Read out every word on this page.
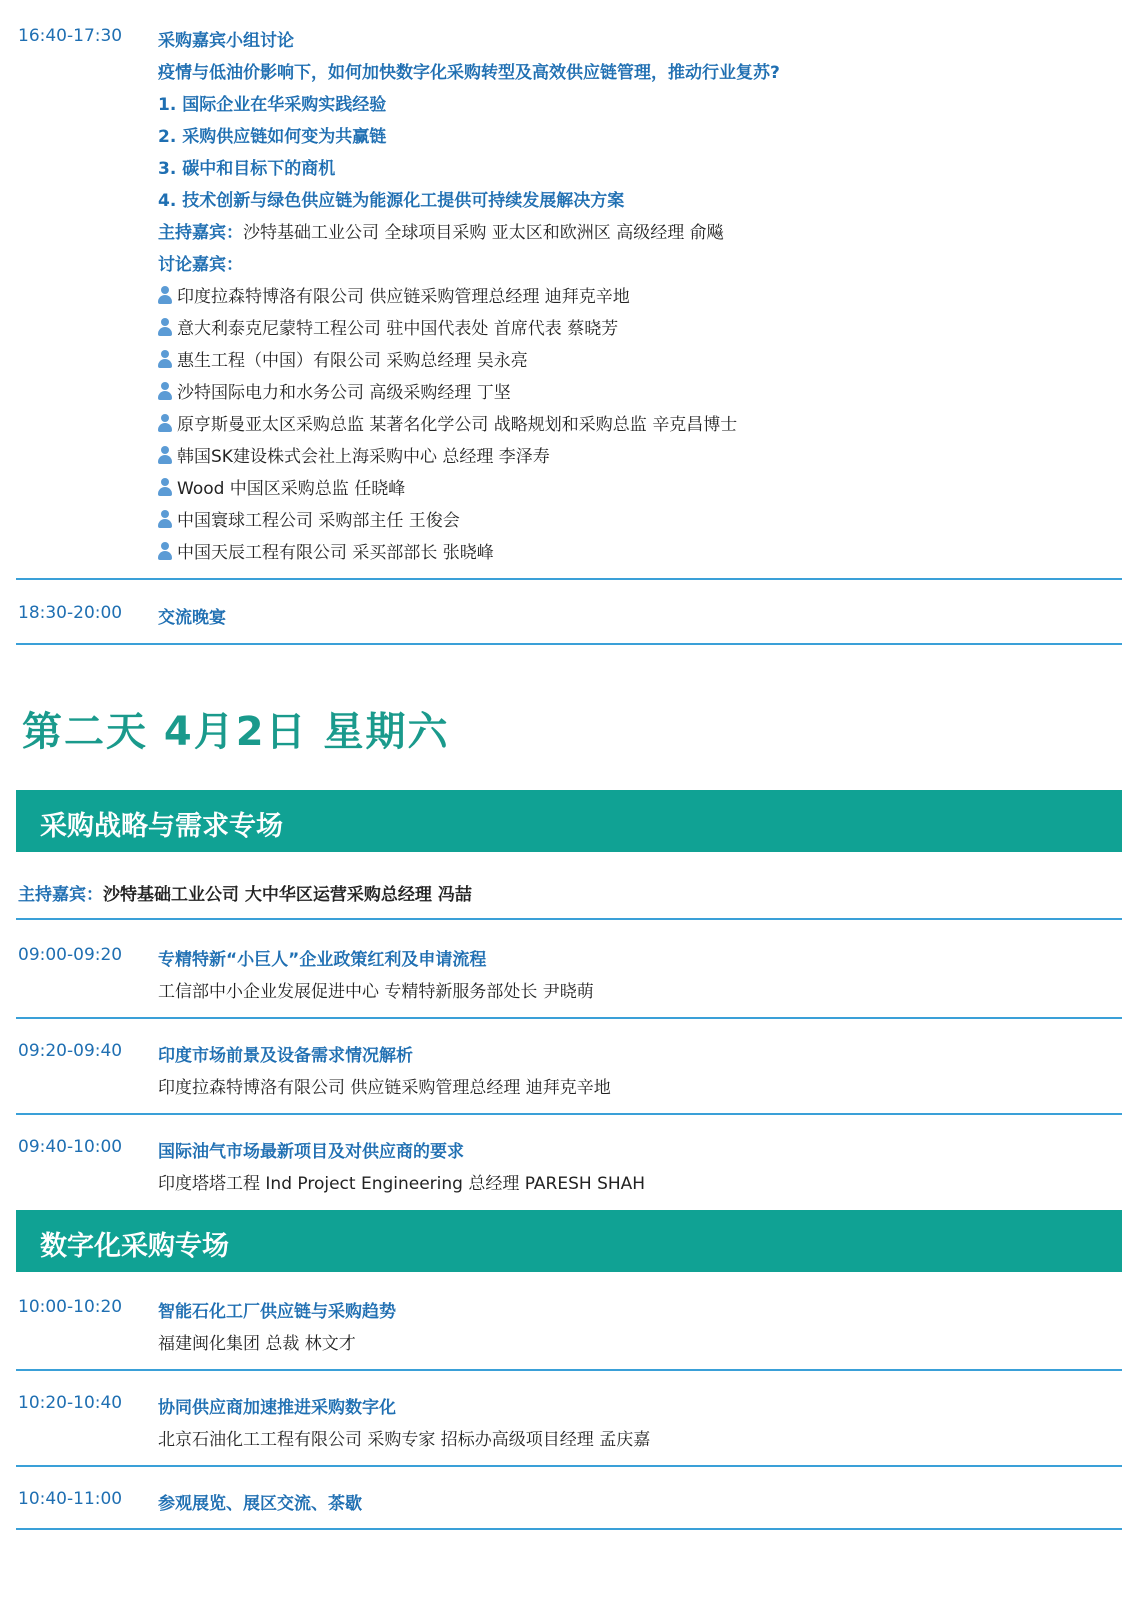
16:40-17:30 采购嘉宾小组讨论
疫情与低油价影响下，如何加快数字化采购转型及高效供应链管理，推动行业复苏?
1. 国际企业在华采购实践经验
2. 采购供应链如何变为共赢链
3. 碳中和目标下的商机
4. 技术创新与绿色供应链为能源化工提供可持续发展解决方案
主持嘉宾：沙特基础工业公司 全球项目采购 亚太区和欧洲区 高级经理 俞飚
讨论嘉宾：
印度拉森特博洛有限公司 供应链采购管理总经理 迪拜克辛地
意大利泰克尼蒙特工程公司 驻中国代表处 首席代表 蔡晓芳
惠生工程（中国）有限公司 采购总经理 吴永亮
沙特国际电力和水务公司 高级采购经理 丁坚
原亨斯曼亚太区采购总监 某著名化学公司 战略规划和采购总监 辛克昌博士
韩国SK建设株式会社上海采购中心 总经理 李泽寿
Wood 中国区采购总监 任晓峰
中国寰球工程公司 采购部主任 王俊会
中国天辰工程有限公司 采买部部长 张晓峰
18:30-20:00 交流晚宴
第二天 4月2日 星期六
采购战略与需求专场
主持嘉宾：沙特基础工业公司 大中华区运营采购总经理 冯喆
09:00-09:20 专精特新“小巨人”企业政策红利及申请流程
工信部中小企业发展促进中心 专精特新服务部处长 尹晓萌
09:20-09:40 印度市场前景及设备需求情况解析
印度拉森特博洛有限公司 供应链采购管理总经理 迪拜克辛地
09:40-10:00 国际油气市场最新项目及对供应商的要求
印度塔塔工程 Ind Project Engineering 总经理 PARESH SHAH
数字化采购专场
10:00-10:20 智能石化工厂供应链与采购趋势
福建闽化集团 总裁 林文才
10:20-10:40 协同供应商加速推进采购数字化
北京石油化工工程有限公司 采购专家 招标办高级项目经理 孟庆嘉
10:40-11:00 参观展览、展区交流、茶歇
